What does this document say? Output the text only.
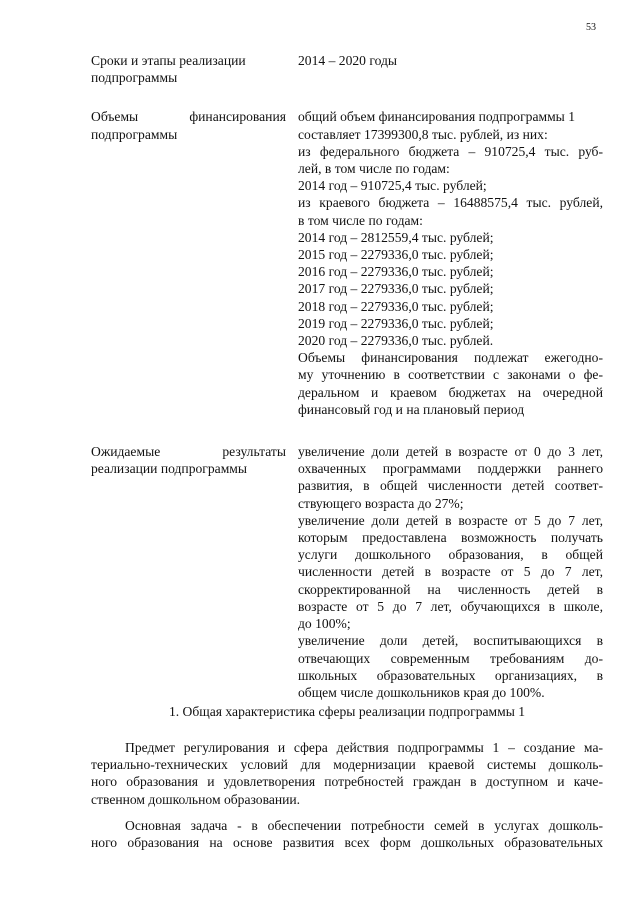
53
Сроки и этапы реализации
подпрограммы
2014 – 2020 годы
Объемы финансирования
подпрограммы
общий объем финансирования подпрограммы 1
составляет 17399300,8 тыс. рублей, из них:
из федерального бюджета – 910725,4 тыс. руб-
лей, в том числе по годам:
2014 год – 910725,4 тыс. рублей;
из краевого бюджета – 16488575,4 тыс. рублей,
в том числе по годам:
2014 год – 2812559,4 тыс. рублей;
2015 год – 2279336,0 тыс. рублей;
2016 год – 2279336,0 тыс. рублей;
2017 год – 2279336,0 тыс. рублей;
2018 год – 2279336,0 тыс. рублей;
2019 год – 2279336,0 тыс. рублей;
2020 год – 2279336,0 тыс. рублей.
Объемы финансирования подлежат ежегодно-
му уточнению в соответствии с законами о фе-
деральном и краевом бюджетах на очередной
финансовый год и на плановый период
Ожидаемые результаты
реализации подпрограммы
увеличение доли детей в возрасте от 0 до 3 лет,
охваченных программами поддержки раннего
развития, в общей численности детей соответ-
ствующего возраста до 27%;
увеличение доли детей в возрасте от 5 до 7 лет,
которым предоставлена возможность получать
услуги дошкольного образования, в общей
численности детей в возрасте от 5 до 7 лет,
скорректированной на численность детей в
возрасте от 5 до 7 лет, обучающихся в школе,
до 100%;
увеличение доли детей, воспитывающихся в
отвечающих современным требованиям до-
школьных образовательных организациях, в
общем числе дошкольников края до 100%.
1. Общая характеристика сферы реализации подпрограммы 1
Предмет регулирования и сфера действия подпрограммы 1 – создание ма-
териально-технических условий для модернизации краевой системы дошколь-
ного образования и удовлетворения потребностей граждан в доступном и каче-
ственном дошкольном образовании.
Основная задача - в обеспечении потребности семей в услугах дошколь-
ного образования на основе развития всех форм дошкольных образовательных
